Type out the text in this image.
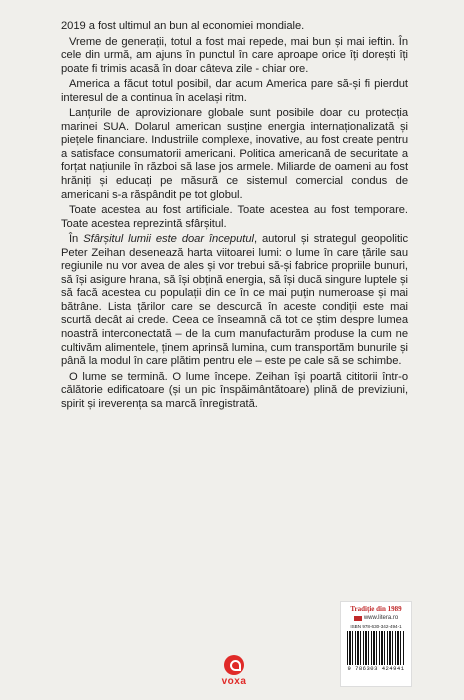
2019 a fost ultimul an bun al economiei mondiale.

Vreme de generații, totul a fost mai repede, mai bun și mai ieftin. În cele din urmă, am ajuns în punctul în care aproape orice îți dorești îți poate fi trimis acasă în doar câteva zile - chiar ore.

America a făcut totul posibil, dar acum America pare să-și fi pierdut interesul de a continua în același ritm.

Lanțurile de aprovizionare globale sunt posibile doar cu protecția marinei SUA. Dolarul american susține energia internaționalizată și piețele financiare. Industriile complexe, inovative, au fost create pentru a satisface consumatorii americani. Politica americană de securitate a forțat națiunile în război să lase jos armele. Miliarde de oameni au fost hrăniți și educați pe măsură ce sistemul comercial condus de americani s-a răspândit pe tot globul.

Toate acestea au fost artificiale. Toate acestea au fost temporare. Toate acestea reprezintă sfârșitul.

În Sfârșitul lumii este doar începutul, autorul și strategul geopolitic Peter Zeihan desenează harta viitoarei lumi: o lume în care țările sau regiunile nu vor avea de ales și vor trebui să-și fabrice propriile bunuri, să își asigure hrana, să își obțină energia, să își ducă singure luptele și să facă acestea cu populații din ce în ce mai puțin numeroase și mai bătrâne. Lista țărilor care se descurcă în aceste condiții este mai scurtă decât ai crede. Ceea ce înseamnă că tot ce știm despre lumea noastră interconectată – de la cum manufacturăm produse la cum ne cultivăm alimentele, ținem aprinsă lumina, cum transportăm bunurile și până la modul în care plătim pentru ele – este pe cale să se schimbe.

O lume se termină. O lume începe. Zeihan își poartă cititorii într-o călătorie edificatoare (și un pic înspăimântătoare) plină de previziuni, spirit și ireverența sa marcă înregistrată.

voxa
Tradiție din 1989
www.litera.ro
ISBN 978-630-342-494-1
9 786303 424941
